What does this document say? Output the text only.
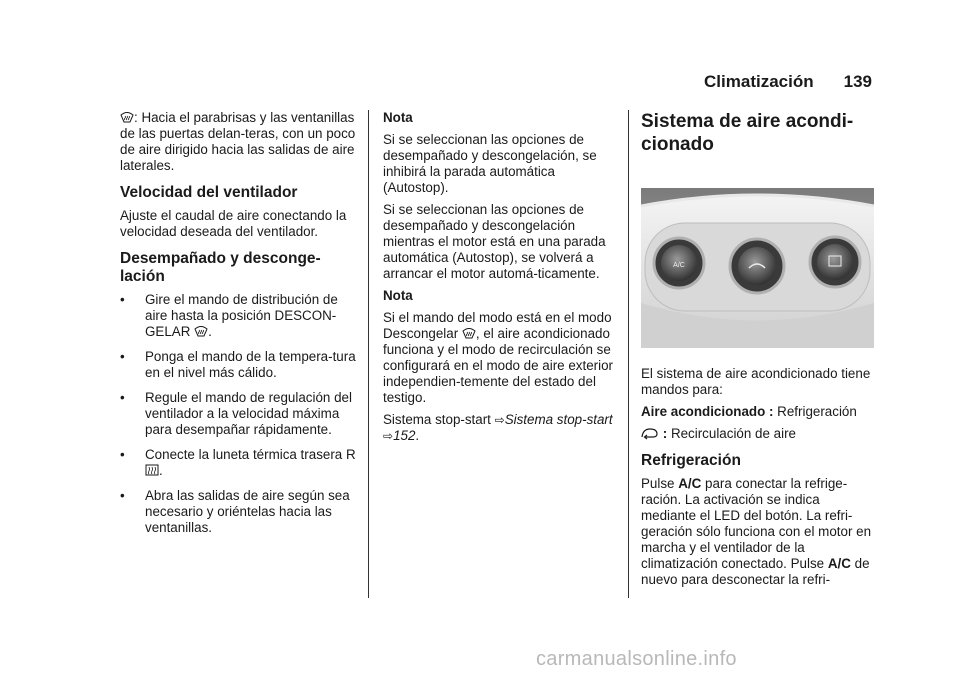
Climatización 139

: Hacia el parabrisas y las ventanillas de las puertas delan-teras, con un poco de aire dirigido hacia las salidas de aire laterales.

Velocidad del ventilador

Ajuste el caudal de aire conectando la velocidad deseada del ventilador.

Desempañado y desconge-lación
•	Gire el mando de distribución de aire hasta la posición DESCON-GELAR .
•	Ponga el mando de la tempera-tura en el nivel más cálido.
•	Regule el mando de regulación del ventilador a la velocidad máxima para desempañar rápidamente.
•	Conecte la luneta térmica trasera R.
•	Abra las salidas de aire según sea necesario y oriéntelas hacia las ventanillas.

Nota

Si se seleccionan las opciones de desempañado y descongelación, se inhibirá la parada automática (Autostop).

Si se seleccionan las opciones de desempañado y descongelación mientras el motor está en una parada automática (Autostop), se volverá a arrancar el motor automá-ticamente.

Nota

Si el mando del modo está en el modo Descongelar , el aire acondicionado funciona y el modo de recirculación se configurará en el modo de aire exterior independien-temente del estado del testigo.

Sistema stop-start ⇨Sistema stop-start ⇨152.

Sistema de aire acondi-cionado
A/C

El sistema de aire acondicionado tiene mandos para:

Aire acondicionado : Refrigeración

: Recirculación de aire

Refrigeración

Pulse A/C para conectar la refrige-ración. La activación se indica mediante el LED del botón. La refri-geración sólo funciona con el motor en marcha y el ventilador de la climatización conectado. Pulse A/C de nuevo para desconectar la refri-

carmanualsonline.info
